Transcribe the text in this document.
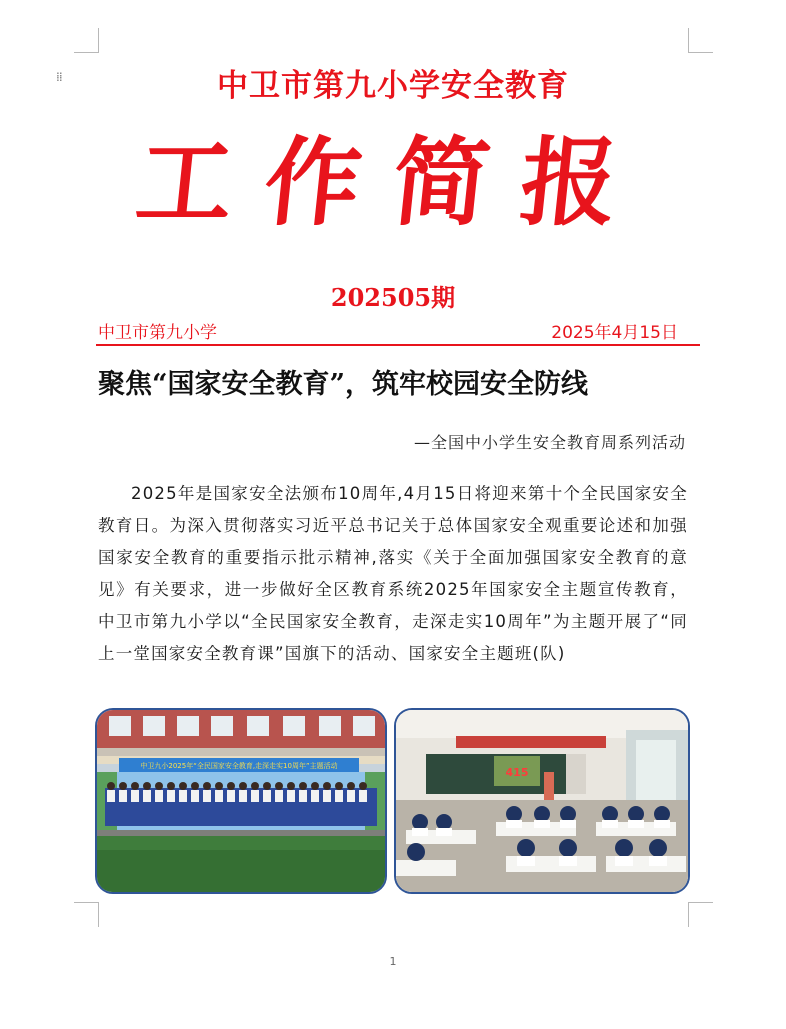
⁞⁞	中卫市第九小学安全教育
工作简报
202505期
中卫市第九小学	2025年4月15日
聚焦“国家安全教育”，筑牢校园安全防线
—全国中小学生安全教育周系列活动
2025年是国家安全法颁布10周年,4月15日将迎来第十个全民国家安全教育日。为深入贯彻落实习近平总书记关于总体国家安全观重要论述和加强国家安全教育的重要指示批示精神,落实《关于全面加强国家安全教育的意见》有关要求，进一步做好全区教育系统2025年国家安全主题宣传教育，中卫市第九小学以“全民国家安全教育，走深走实10周年”为主题开展了“同上一堂国家安全教育课”国旗下的活动、国家安全主题班(队)
中卫九小2025年“全民国家安全教育,走深走实10周年”主题活动	415
1
